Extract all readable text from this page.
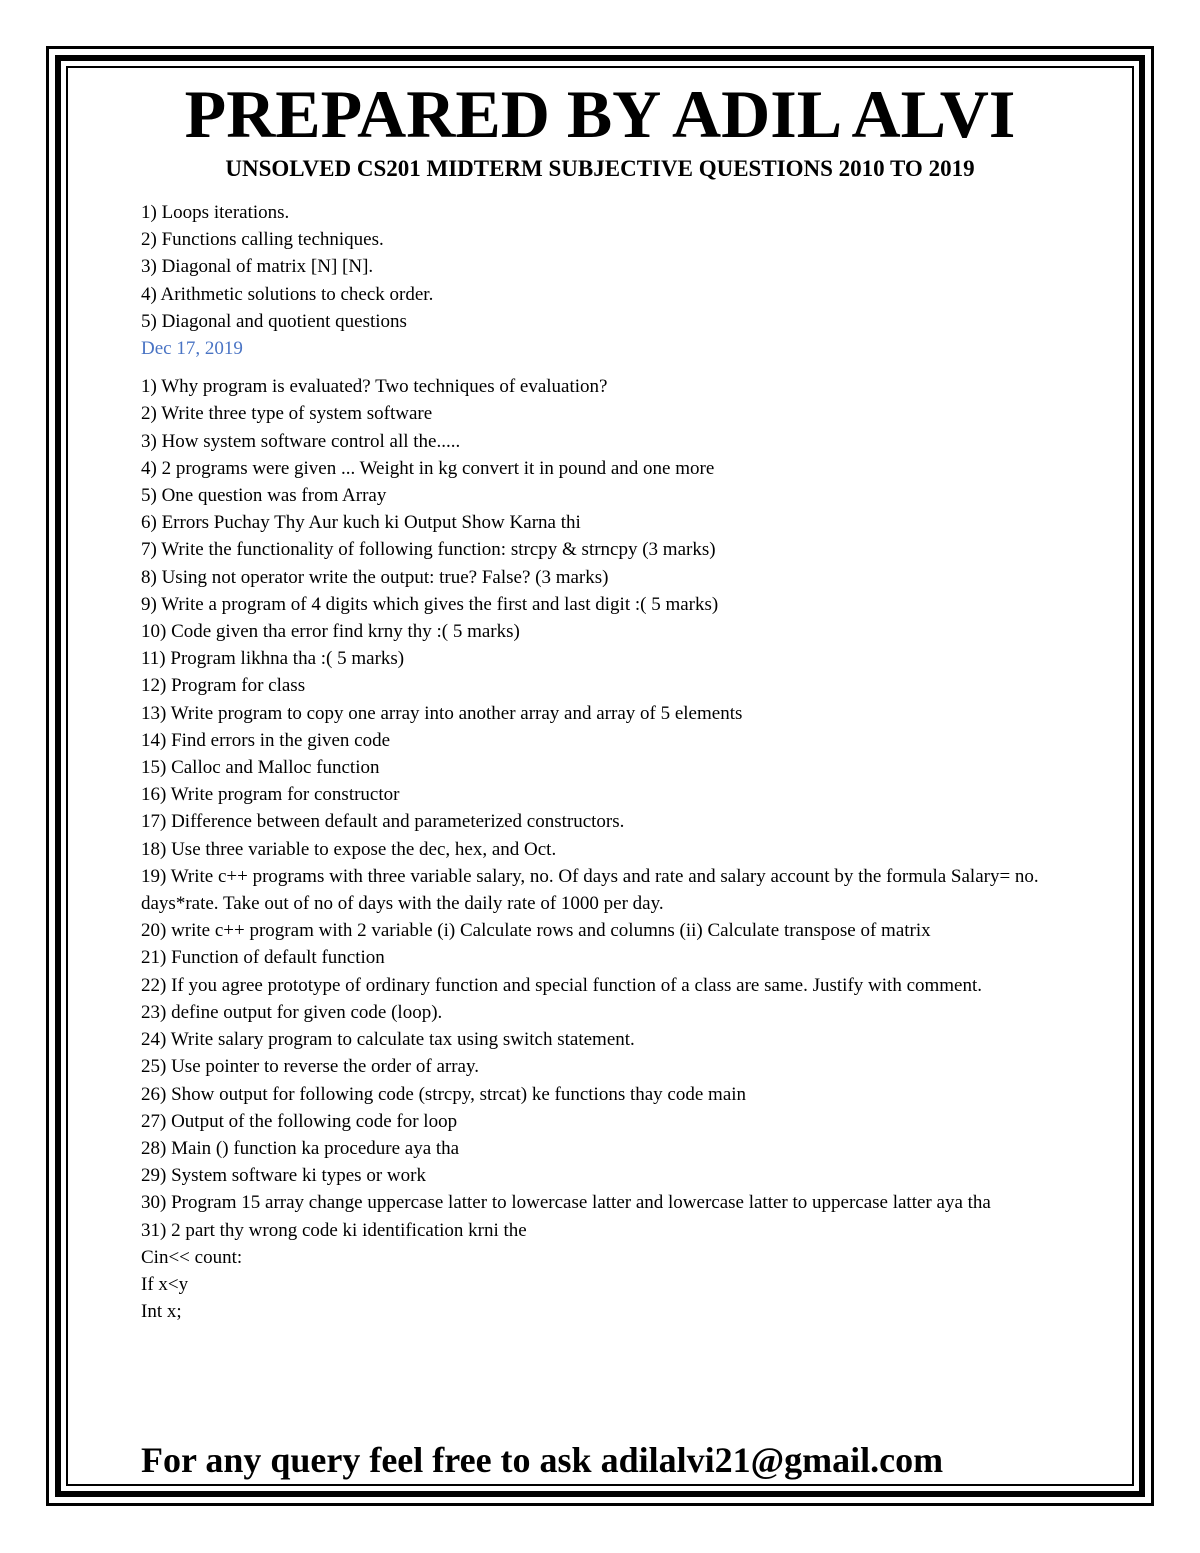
PREPARED BY ADIL ALVI
UNSOLVED CS201 MIDTERM SUBJECTIVE QUESTIONS 2010 TO 2019
1) Loops iterations.
2) Functions calling techniques.
3) Diagonal of matrix [N] [N].
4) Arithmetic solutions to check order.
5) Diagonal and quotient questions
Dec 17, 2019
1) Why program is evaluated? Two techniques of evaluation?
2) Write three type of system software
3) How system software control all the.....
4) 2 programs were given ... Weight in kg convert it in pound and one more
5) One question was from Array
6) Errors Puchay Thy Aur kuch ki Output Show Karna thi
7) Write the functionality of following function: strcpy & strncpy (3 marks)
8) Using not operator write the output: true? False? (3 marks)
9) Write a program of 4 digits which gives the first and last digit :( 5 marks)
10) Code given tha error find krny thy :( 5 marks)
11) Program likhna tha :( 5 marks)
12) Program for class
13) Write program to copy one array into another array and array of 5 elements
14) Find errors in the given code
15) Calloc and Malloc function
16) Write program for constructor
17) Difference between default and parameterized constructors.
18) Use three variable to expose the dec, hex, and Oct.
19) Write c++ programs with three variable salary, no. Of days and rate and salary account by the formula Salary= no. days*rate. Take out of no of days with the daily rate of 1000 per day.
20) write c++ program with 2 variable (i) Calculate rows and columns (ii) Calculate transpose of matrix
21) Function of default function
22) If you agree prototype of ordinary function and special function of a class are same. Justify with comment.
23) define output for given code (loop).
24) Write salary program to calculate tax using switch statement.
25) Use pointer to reverse the order of array.
26) Show output for following code (strcpy, strcat) ke functions thay code main
27) Output of the following code for loop
28) Main () function ka procedure aya tha
29) System software ki types or work
30) Program 15 array change uppercase latter to lowercase latter and lowercase latter to uppercase latter aya tha
31) 2 part thy wrong code ki identification krni the
Cin<< count:
If x<y
Int x;
For any query feel free to ask adilalvi21@gmail.com
